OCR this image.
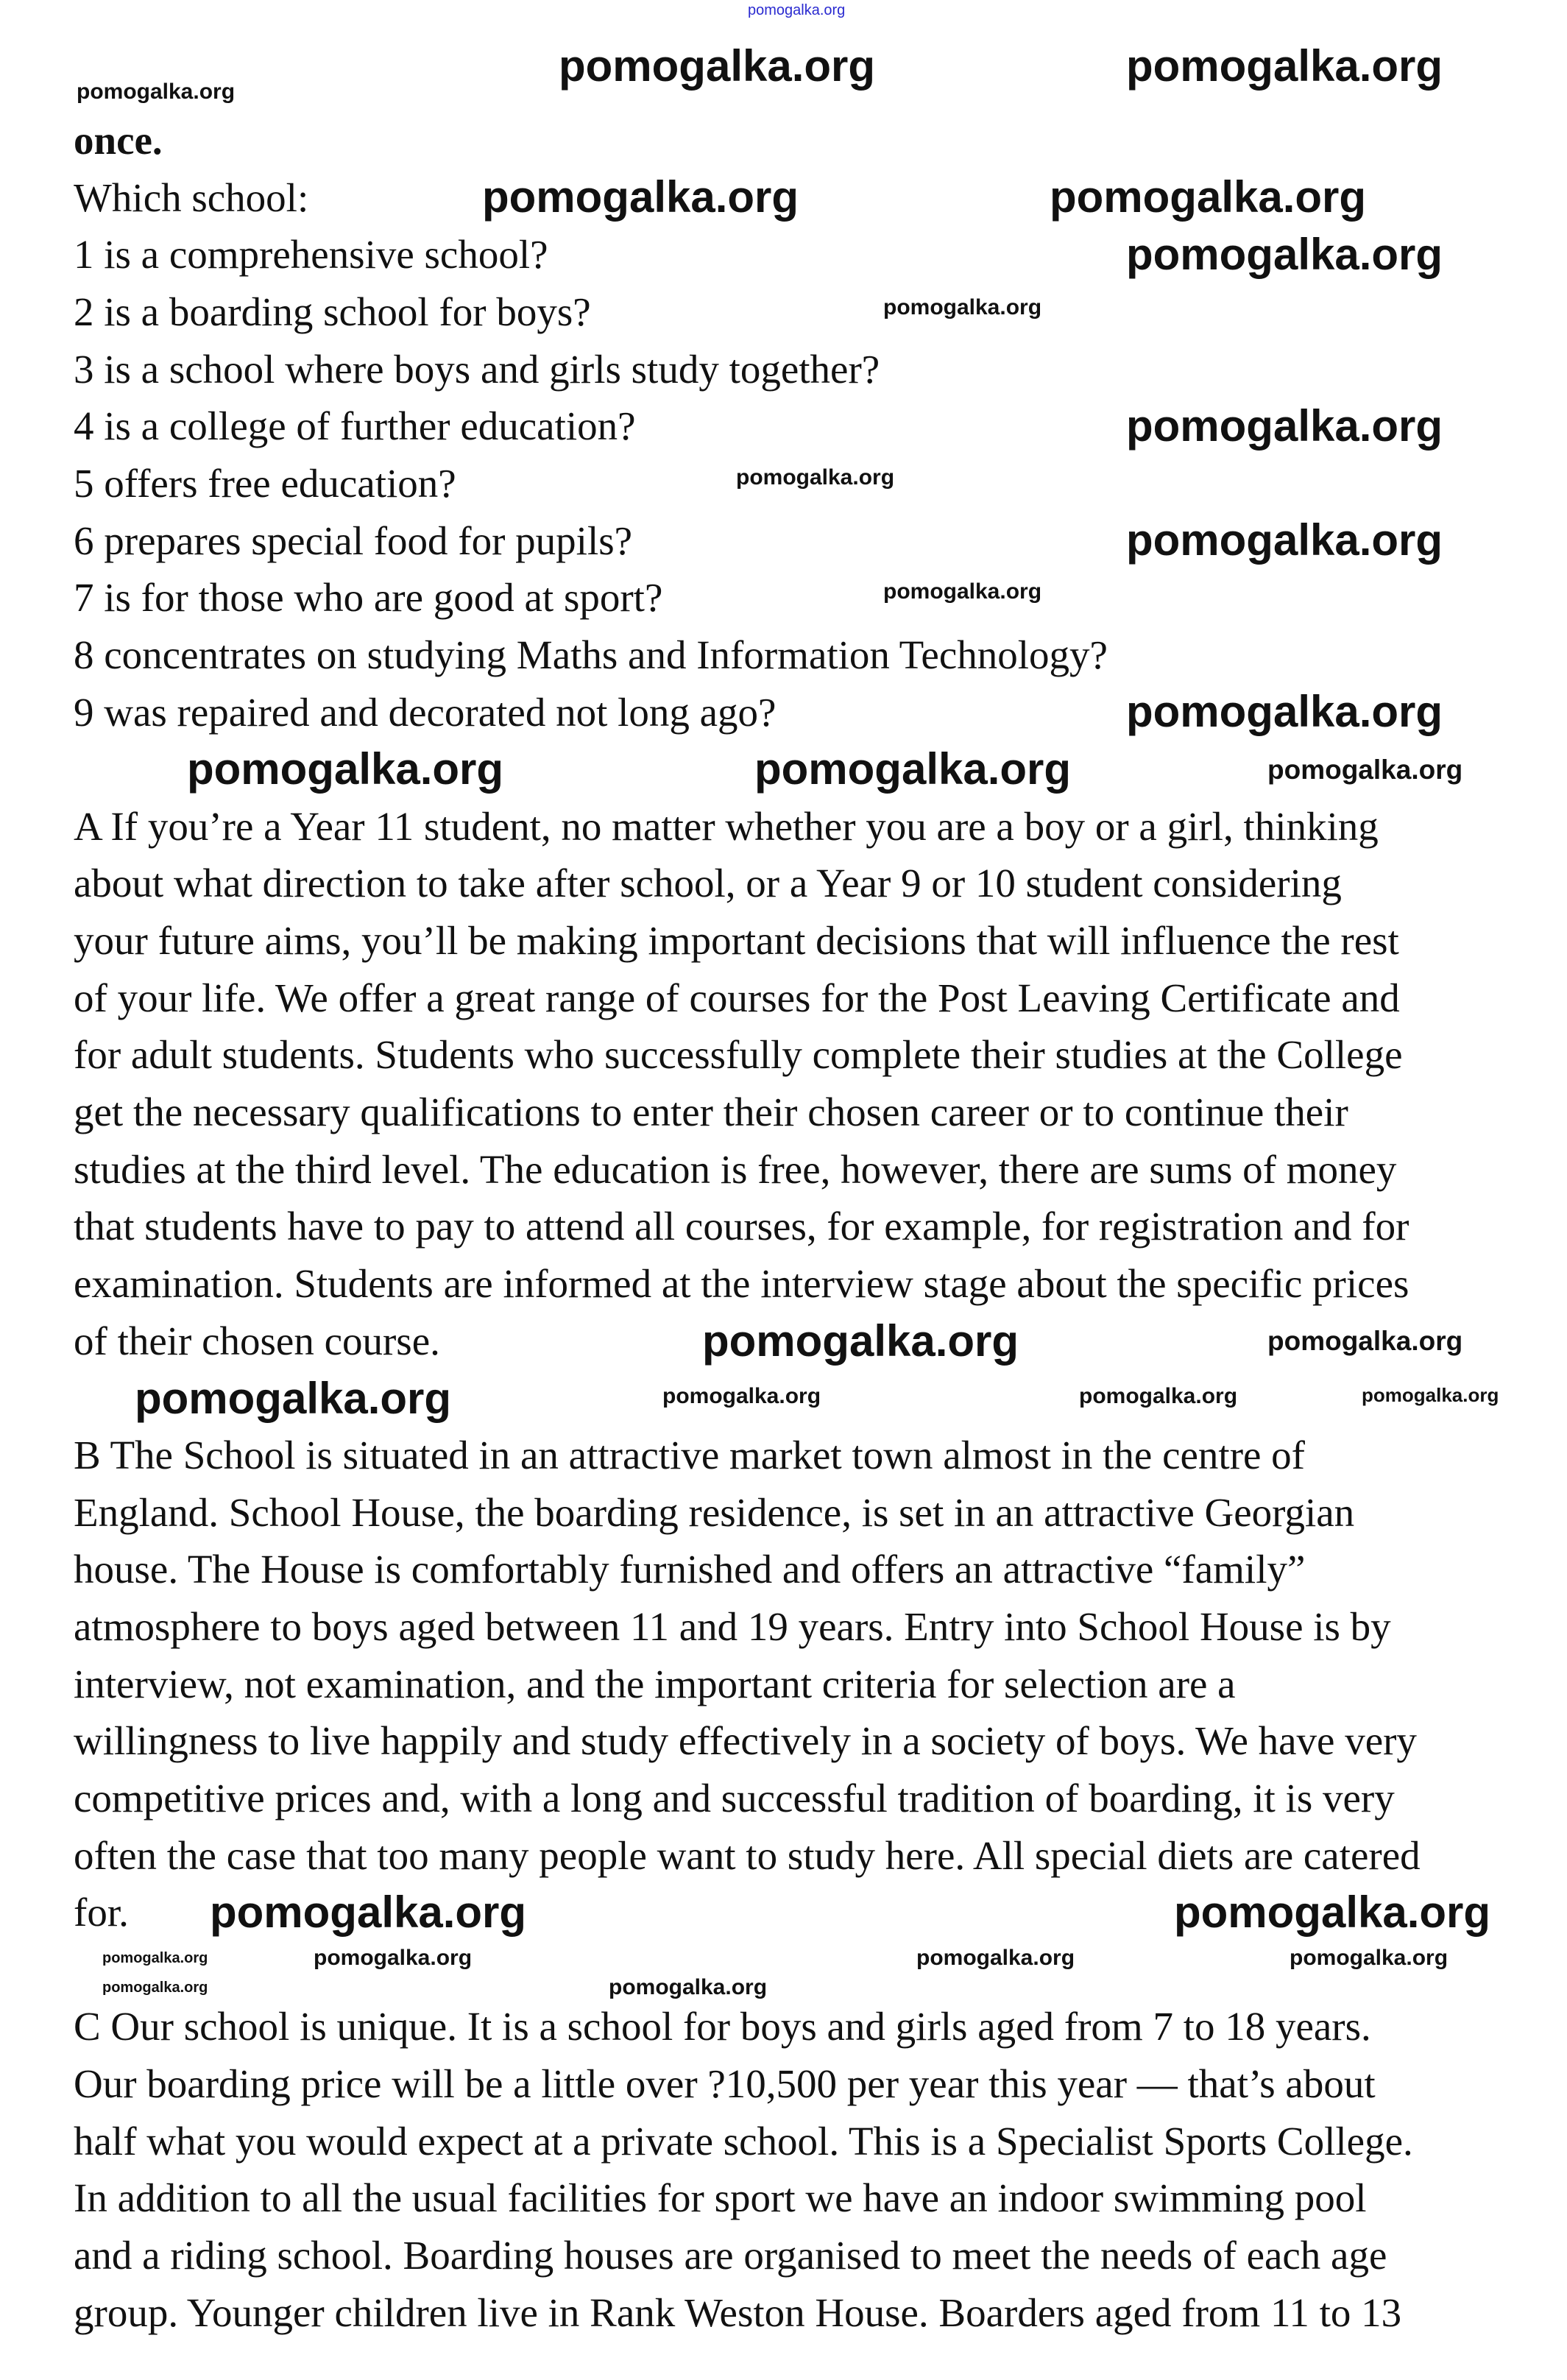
once.
Which school:
1 is a comprehensive school?
2 is a boarding school for boys?
3 is a school where boys and girls study together?
4 is a college of further education?
5 offers free education?
6 prepares special food for pupils?
7 is for those who are good at sport?
8 concentrates on studying Maths and Information Technology?
9 was repaired and decorated not long ago?
A If you’re a Year 11 student, no matter whether you are a boy or a girl, thinking
about what direction to take after school, or a Year 9 or 10 student considering
your future aims, you’ll be making important decisions that will influence the rest
of your life. We offer a great range of courses for the Post Leaving Certificate and
for adult students. Students who successfully complete their studies at the College
get the necessary qualifications to enter their chosen career or to continue their
studies at the third level. The education is free, however, there are sums of money
that students have to pay to attend all courses, for example, for registration and for
examination. Students are informed at the interview stage about the specific prices
of their chosen course.
B The School is situated in an attractive market town almost in the centre of
England. School House, the boarding residence, is set in an attractive Georgian
house. The House is comfortably furnished and offers an attractive “family”
atmosphere to boys aged between 11 and 19 years. Entry into School House is by
interview, not examination, and the important criteria for selection are a
willingness to live happily and study effectively in a society of boys. We have very
competitive prices and, with a long and successful tradition of boarding, it is very
often the case that too many people want to study here. All special diets are catered
for.
C Our school is unique. It is a school for boys and girls aged from 7 to 18 years.
Our boarding price will be a little over ?10,500 per year this year — that’s about
half what you would expect at a private school. This is a Specialist Sports College.
In addition to all the usual facilities for sport we have an indoor swimming pool
and a riding school. Boarding houses are organised to meet the needs of each age
group. Younger children live in Rank Weston House. Boarders aged from 11 to 13
pomogalka.org
pomogalka.org	pomogalka.org
pomogalka.org
pomogalka.org	pomogalka.org
pomogalka.org
pomogalka.org
pomogalka.org
pomogalka.org
pomogalka.org
pomogalka.org
pomogalka.org
pomogalka.org	pomogalka.org	pomogalka.org
pomogalka.org	pomogalka.org
pomogalka.org	pomogalka.org	pomogalka.org	pomogalka.org
pomogalka.org	pomogalka.org
pomogalka.org	pomogalka.org	pomogalka.org	pomogalka.org
pomogalka.org
pomogalka.org
